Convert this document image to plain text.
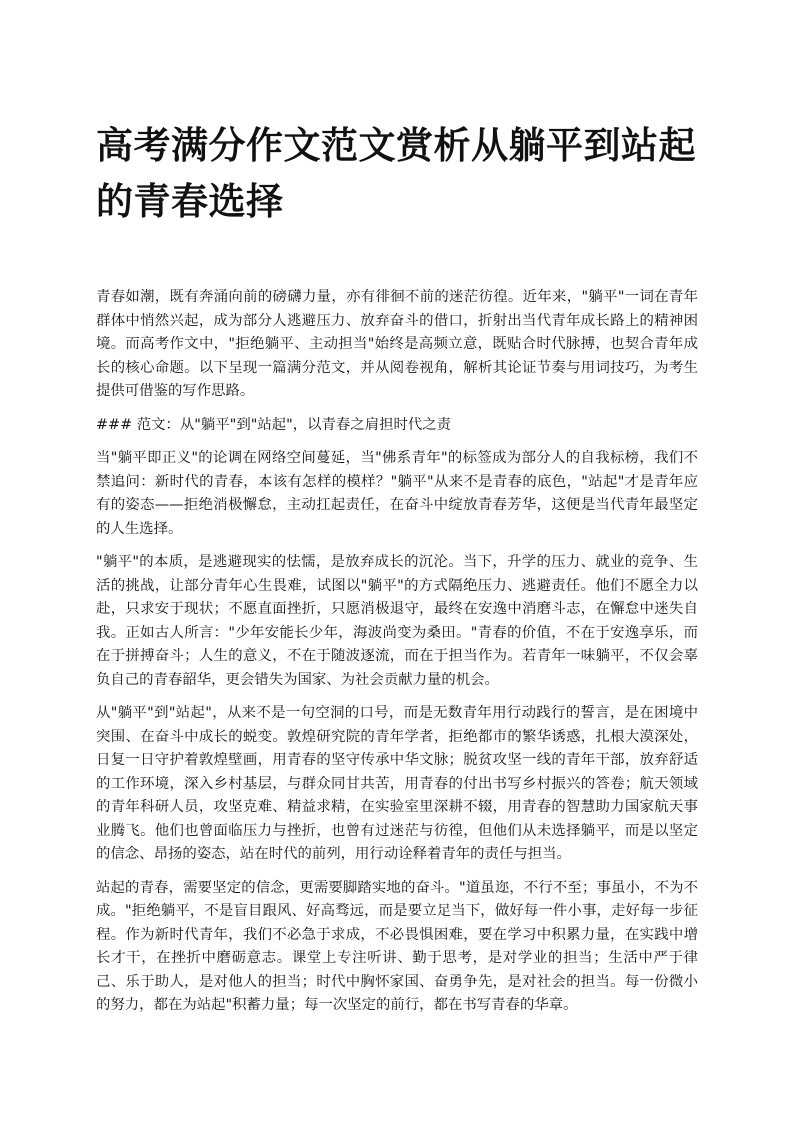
高考满分作文范文赏析从躺平到站起的青春选择

青春如潮，既有奔涌向前的磅礴力量，亦有徘徊不前的迷茫彷徨。近年来，"躺平"一词在青年群体中悄然兴起，成为部分人逃避压力、放弃奋斗的借口，折射出当代青年成长路上的精神困境。而高考作文中，"拒绝躺平、主动担当"始终是高频立意，既贴合时代脉搏，也契合青年成长的核心命题。以下呈现一篇满分范文，并从阅卷视角，解析其论证节奏与用词技巧，为考生提供可借鉴的写作思路。

### 范文：从"躺平"到"站起"，以青春之肩担时代之责

当"躺平即正义"的论调在网络空间蔓延，当"佛系青年"的标签成为部分人的自我标榜，我们不禁追问：新时代的青春，本该有怎样的模样？"躺平"从来不是青春的底色，"站起"才是青年应有的姿态——拒绝消极懈怠，主动扛起责任，在奋斗中绽放青春芳华，这便是当代青年最坚定的人生选择。

"躺平"的本质，是逃避现实的怯懦，是放弃成长的沉沦。当下，升学的压力、就业的竞争、生活的挑战，让部分青年心生畏难，试图以"躺平"的方式隔绝压力、逃避责任。他们不愿全力以赴，只求安于现状；不愿直面挫折，只愿消极退守，最终在安逸中消磨斗志，在懈怠中迷失自我。正如古人所言："少年安能长少年，海波尚变为桑田。"青春的价值，不在于安逸享乐，而在于拼搏奋斗；人生的意义，不在于随波逐流，而在于担当作为。若青年一味躺平，不仅会辜负自己的青春韶华，更会错失为国家、为社会贡献力量的机会。

从"躺平"到"站起"，从来不是一句空洞的口号，而是无数青年用行动践行的誓言，是在困境中突围、在奋斗中成长的蜕变。敦煌研究院的青年学者，拒绝都市的繁华诱惑，扎根大漠深处，日复一日守护着敦煌壁画，用青春的坚守传承中华文脉；脱贫攻坚一线的青年干部，放弃舒适的工作环境，深入乡村基层，与群众同甘共苦，用青春的付出书写乡村振兴的答卷；航天领域的青年科研人员，攻坚克难、精益求精，在实验室里深耕不辍，用青春的智慧助力国家航天事业腾飞。他们也曾面临压力与挫折，也曾有过迷茫与彷徨，但他们从未选择躺平，而是以坚定的信念、昂扬的姿态，站在时代的前列，用行动诠释着青年的责任与担当。

站起的青春，需要坚定的信念，更需要脚踏实地的奋斗。"道虽迩，不行不至；事虽小，不为不成。"拒绝躺平，不是盲目跟风、好高骛远，而是要立足当下，做好每一件小事，走好每一步征程。作为新时代青年，我们不必急于求成，不必畏惧困难，要在学习中积累力量，在实践中增长才干，在挫折中磨砺意志。课堂上专注听讲、勤于思考，是对学业的担当；生活中严于律己、乐于助人，是对他人的担当；时代中胸怀家国、奋勇争先，是对社会的担当。每一份微小的努力，都在为站起"积蓄力量；每一次坚定的前行，都在书写青春的华章。
